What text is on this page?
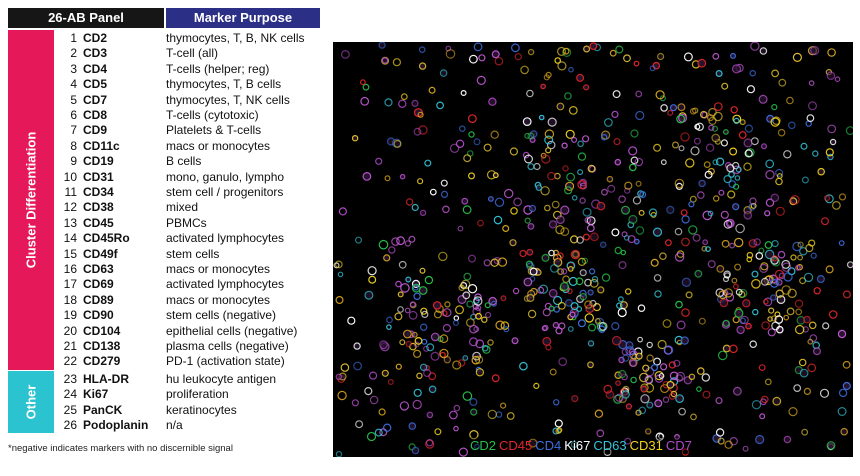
26-AB Panel	Marker Purpose
Cluster Differentiation
Other
1 CD2	thymocytes, T, B, NK cells
2 CD3	T-cell (all)
3 CD4	T-cells (helper; reg)
4 CD5	thymocytes, T, B cells
5 CD7	thymocytes, T, NK cells
6 CD8	T-cells (cytotoxic)
7 CD9	Platelets & T-cells
8 CD11c	macs or monocytes
9 CD19	B cells
10 CD31	mono, ganulo, lympho
11 CD34	stem cell / progenitors
12 CD38	mixed
13 CD45	PBMCs
14 CD45Ro	activated lymphocytes
15 CD49f	stem cells
16 CD63	macs or monocytes
17 CD69	activated lymphocytes
18 CD89	macs or monocytes
19 CD90	stem cells (negative)
20 CD104	epithelial cells (negative)
21 CD138	plasma cells (negative)
22 CD279	PD-1 (activation state)
23 HLA-DR	hu leukocyte antigen
24 Ki67	proliferation
25 PanCK	keratinocytes
26 Podoplanin n/a
*negative indicates markers with no discernible signal	CD2 CD45 CD4 Ki67 CD63 CD31 CD7
